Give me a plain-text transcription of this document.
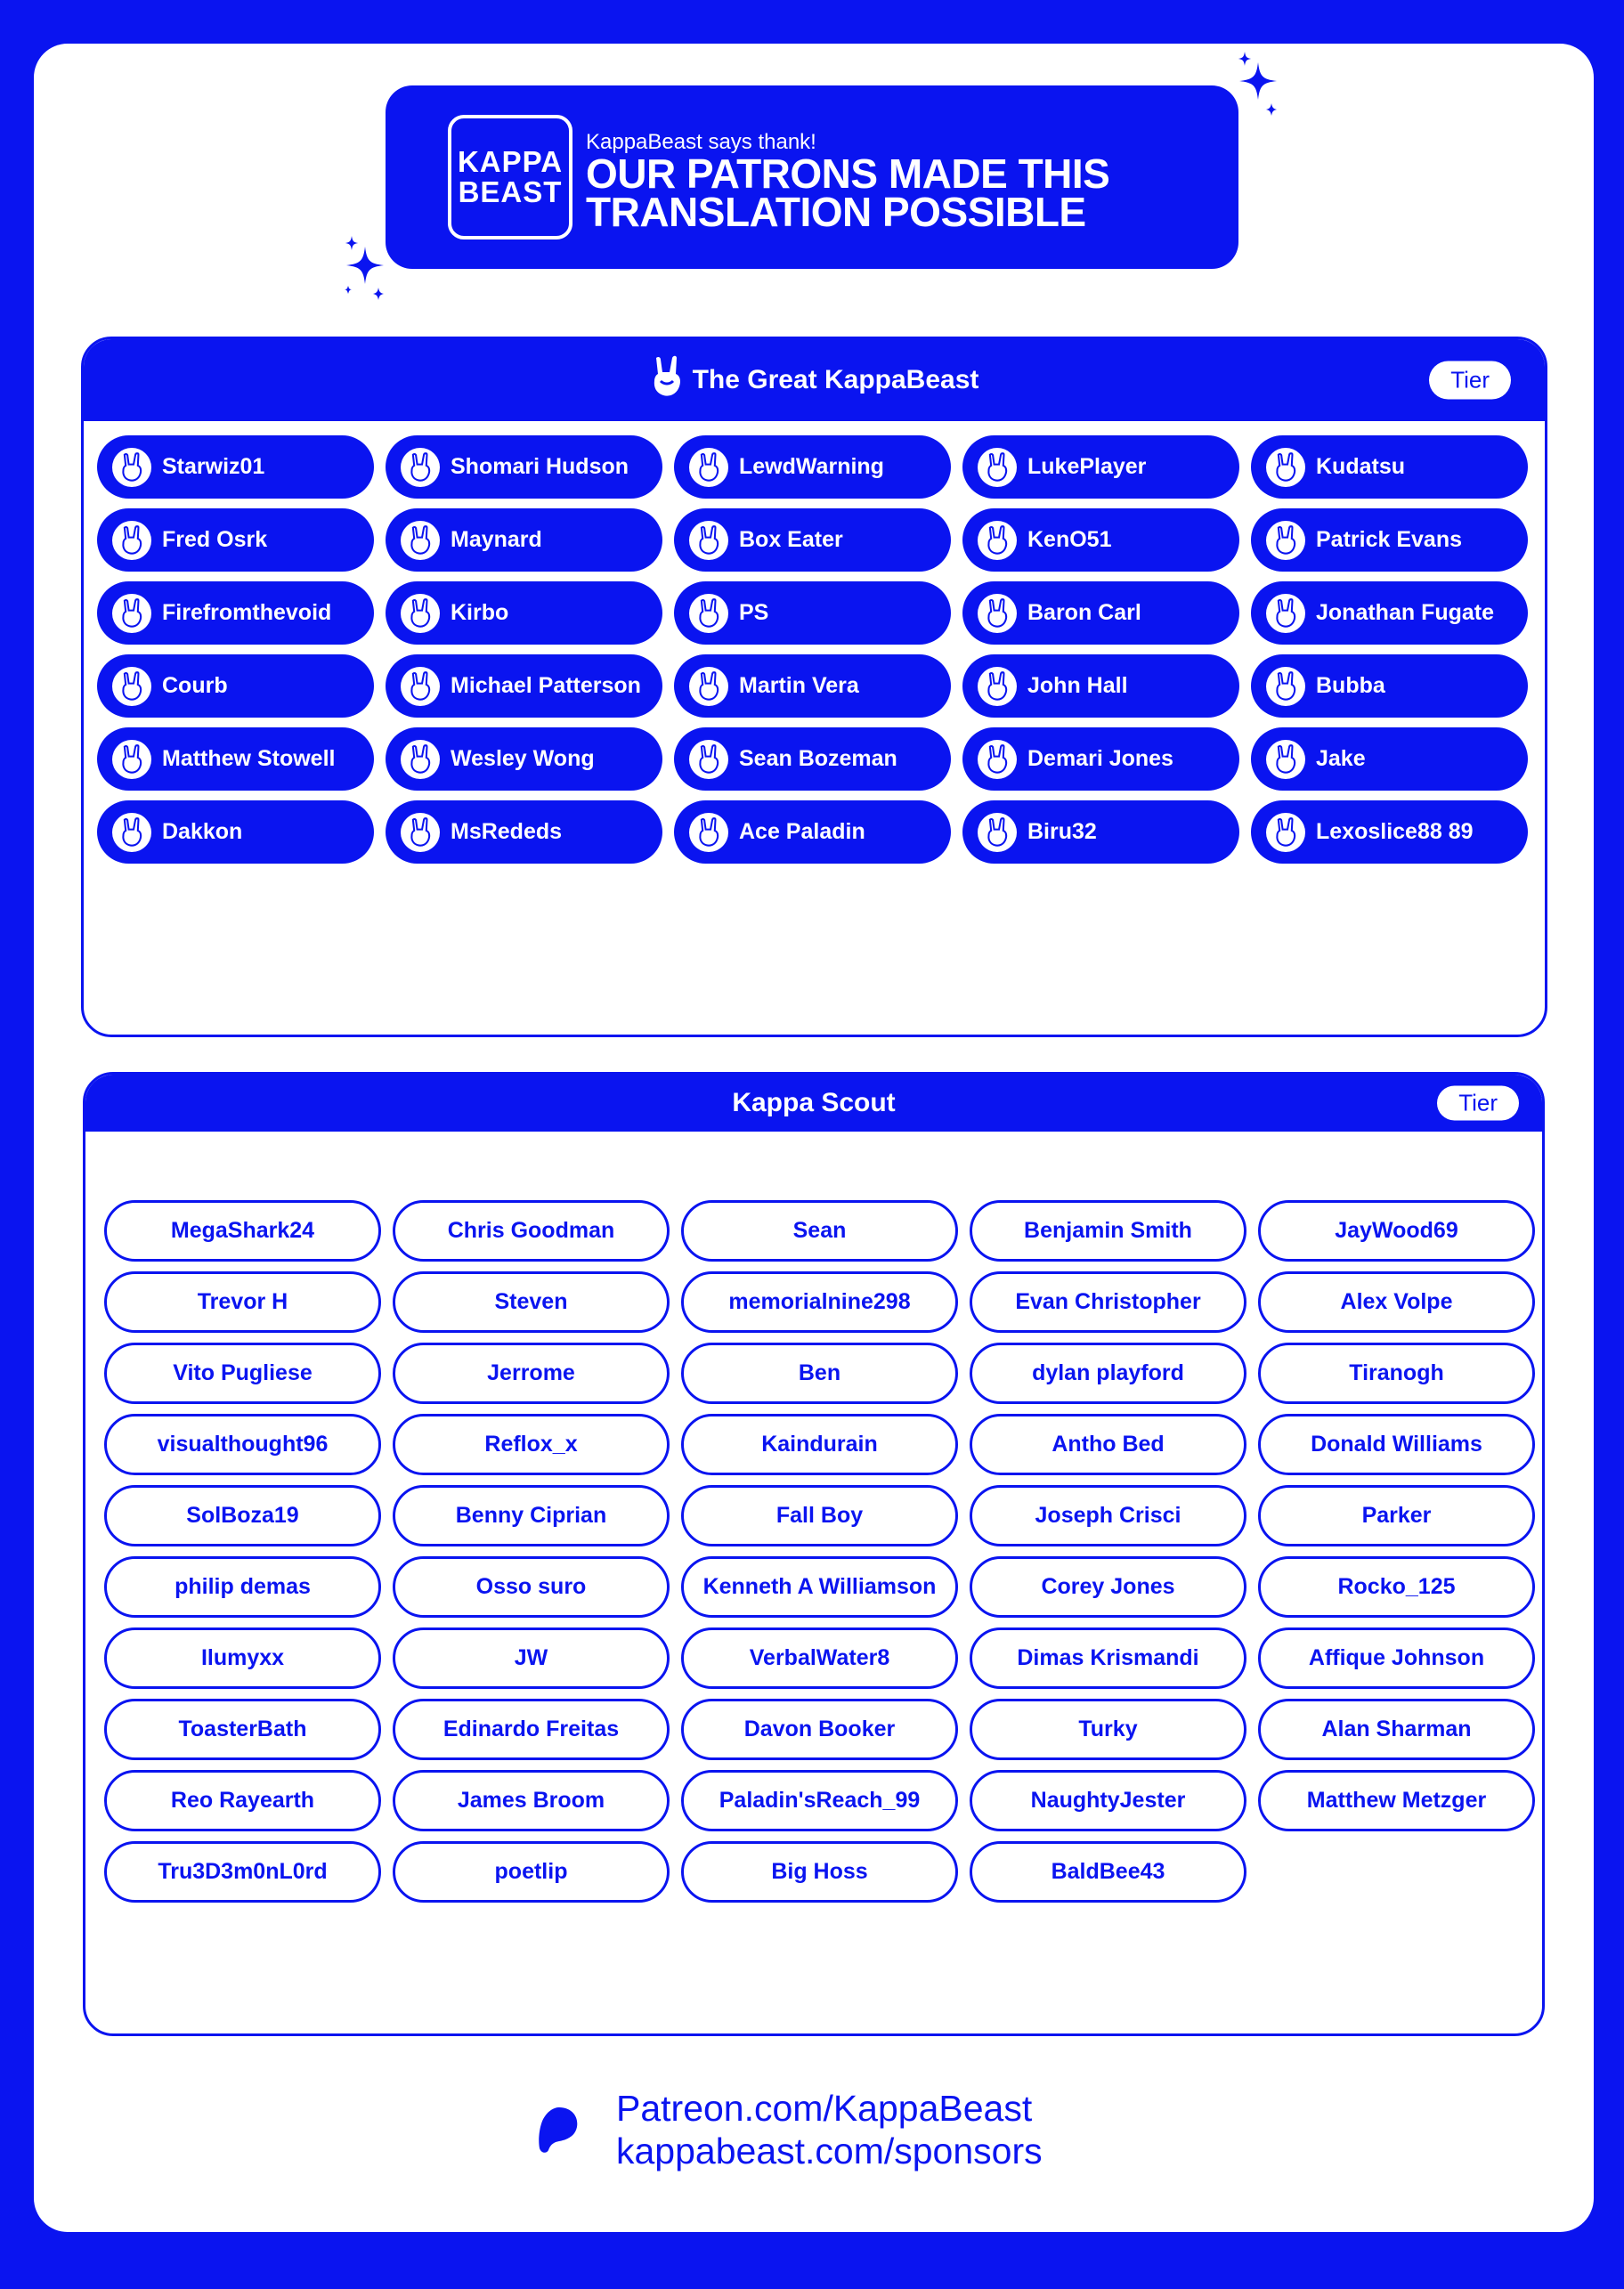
KAPPA
BEAST
KappaBeast says thank!
OUR PATRONS MADE THIS
TRANSLATION POSSIBLE
The Great KappaBeast	Tier
Starwiz01	Shomari Hudson	LewdWarning	LukePlayer	Kudatsu
Fred Osrk	Maynard	Box Eater	KenO51	Patrick Evans
Firefromthevoid	Kirbo	PS	Baron Carl	Jonathan Fugate
Courb	Michael Patterson	Martin Vera	John Hall	Bubba
Matthew Stowell	Wesley Wong	Sean Bozeman	Demari Jones	Jake
Dakkon	MsRededs	Ace Paladin	Biru32	Lexoslice88 89
Kappa Scout	Tier
MegaShark24	Chris Goodman	Sean	Benjamin Smith	JayWood69
Trevor H	Steven	memorialnine298	Evan Christopher	Alex Volpe
Vito Pugliese	Jerrome	Ben	dylan playford	Tiranogh
visualthought96	Reflox_x	Kaindurain	Antho Bed	Donald Williams
SolBoza19	Benny Ciprian	Fall Boy	Joseph Crisci	Parker
philip demas	Osso suro	Kenneth A Williamson	Corey Jones	Rocko_125
Ilumyxx	JW	VerbalWater8	Dimas Krismandi	Affique Johnson
ToasterBath	Edinardo Freitas	Davon Booker	Turky	Alan Sharman
Reo Rayearth	James Broom	Paladin'sReach_99	NaughtyJester	Matthew Metzger
Tru3D3m0nL0rd	poetlip	Big Hoss	BaldBee43
Patreon.com/KappaBeast
kappabeast.com/sponsors
